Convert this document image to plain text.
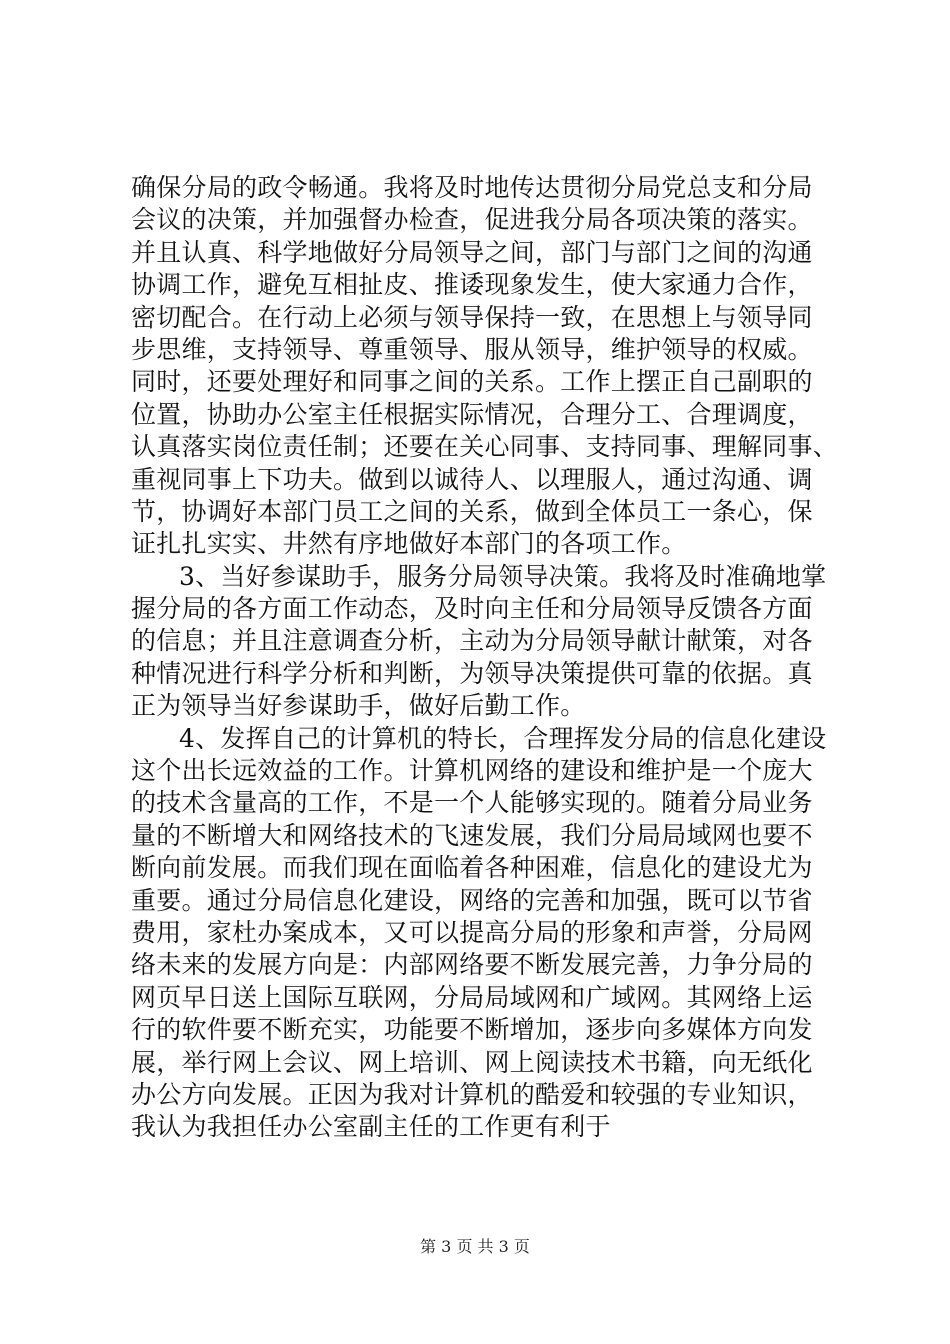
确保分局的政令畅通。我将及时地传达贯彻分局党总支和分局
会议的决策，并加强督办检查，促进我分局各项决策的落实。
并且认真、科学地做好分局领导之间，部门与部门之间的沟通
协调工作，避免互相扯皮、推诿现象发生，使大家通力合作，
密切配合。在行动上必须与领导保持一致，在思想上与领导同
步思维，支持领导、尊重领导、服从领导，维护领导的权威。
同时，还要处理好和同事之间的关系。工作上摆正自己副职的
位置，协助办公室主任根据实际情况，合理分工、合理调度，
认真落实岗位责任制；还要在关心同事、支持同事、理解同事、
重视同事上下功夫。做到以诚待人、以理服人，通过沟通、调
节，协调好本部门员工之间的关系，做到全体员工一条心，保
证扎扎实实、井然有序地做好本部门的各项工作。
3、当好参谋助手，服务分局领导决策。我将及时准确地掌
握分局的各方面工作动态，及时向主任和分局领导反馈各方面
的信息；并且注意调查分析，主动为分局领导献计献策，对各
种情况进行科学分析和判断，为领导决策提供可靠的依据。真
正为领导当好参谋助手，做好后勤工作。
4、发挥自己的计算机的特长，合理挥发分局的信息化建设
这个出长远效益的工作。计算机网络的建设和维护是一个庞大
的技术含量高的工作，不是一个人能够实现的。随着分局业务
量的不断增大和网络技术的飞速发展，我们分局局域网也要不
断向前发展。而我们现在面临着各种困难，信息化的建设尤为
重要。通过分局信息化建设，网络的完善和加强，既可以节省
费用，家杜办案成本，又可以提高分局的形象和声誉，分局网
络未来的发展方向是：内部网络要不断发展完善，力争分局的
网页早日送上国际互联网，分局局域网和广域网。其网络上运
行的软件要不断充实，功能要不断增加，逐步向多媒体方向发
展，举行网上会议、网上培训、网上阅读技术书籍，向无纸化
办公方向发展。正因为我对计算机的酷爱和较强的专业知识，
我认为我担任办公室副主任的工作更有利于
第 3 页 共 3 页
